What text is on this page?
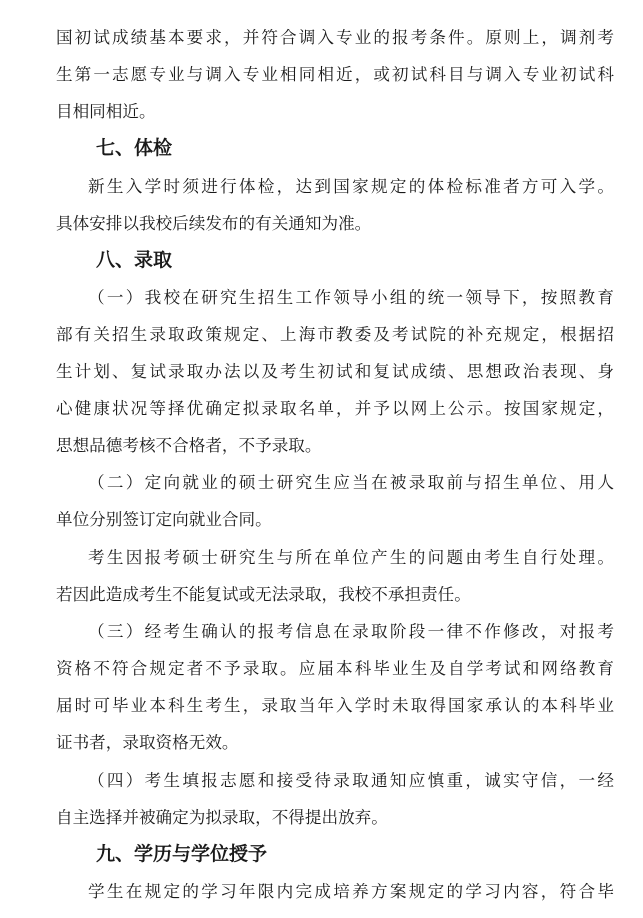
国初试成绩基本要求，并符合调入专业的报考条件。原则上，调剂考
生第一志愿专业与调入专业相同相近，或初试科目与调入专业初试科
目相同相近。
七、体检
新生入学时须进行体检，达到国家规定的体检标准者方可入学。
具体安排以我校后续发布的有关通知为准。
八、录取
（一）我校在研究生招生工作领导小组的统一领导下，按照教育
部有关招生录取政策规定、上海市教委及考试院的补充规定，根据招
生计划、复试录取办法以及考生初试和复试成绩、思想政治表现、身
心健康状况等择优确定拟录取名单，并予以网上公示。按国家规定，
思想品德考核不合格者，不予录取。
（二）定向就业的硕士研究生应当在被录取前与招生单位、用人
单位分别签订定向就业合同。
考生因报考硕士研究生与所在单位产生的问题由考生自行处理。
若因此造成考生不能复试或无法录取，我校不承担责任。
（三）经考生确认的报考信息在录取阶段一律不作修改，对报考
资格不符合规定者不予录取。应届本科毕业生及自学考试和网络教育
届时可毕业本科生考生，录取当年入学时未取得国家承认的本科毕业
证书者，录取资格无效。
（四）考生填报志愿和接受待录取通知应慎重，诚实守信，一经
自主选择并被确定为拟录取，不得提出放弃。
九、学历与学位授予
学生在规定的学习年限内完成培养方案规定的学习内容，符合毕
